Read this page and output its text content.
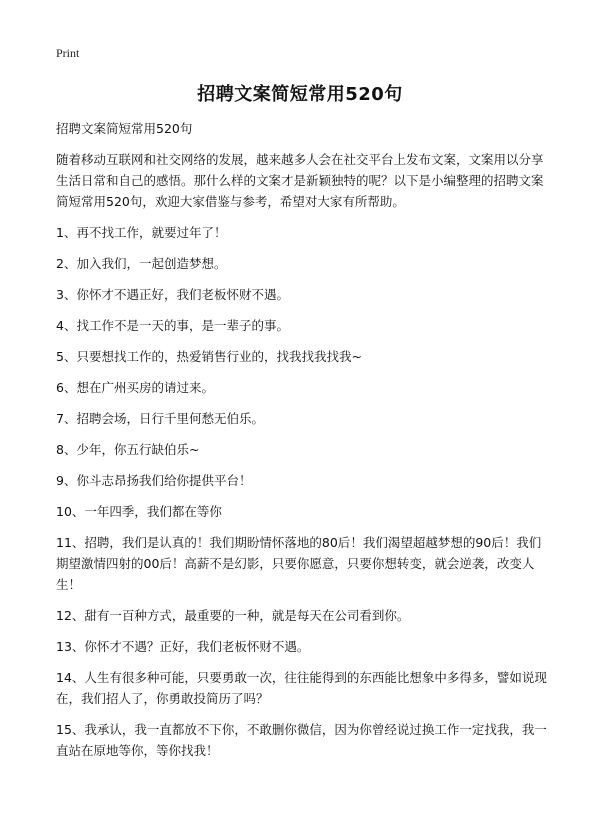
Print
招聘文案简短常用520句
招聘文案简短常用520句
随着移动互联网和社交网络的发展，越来越多人会在社交平台上发布文案，文案用以分享生活日常和自己的感悟。那什么样的文案才是新颖独特的呢？以下是小编整理的招聘文案简短常用520句，欢迎大家借鉴与参考，希望对大家有所帮助。
1、再不找工作，就要过年了！
2、加入我们，一起创造梦想。
3、你怀才不遇正好，我们老板怀财不遇。
4、找工作不是一天的事，是一辈子的事。
5、只要想找工作的，热爱销售行业的，找我找我找我~
6、想在广州买房的请过来。
7、招聘会场，日行千里何愁无伯乐。
8、少年，你五行缺伯乐~
9、你斗志昂扬我们给你提供平台！
10、一年四季，我们都在等你
11、招聘，我们是认真的！我们期盼情怀落地的80后！我们渴望超越梦想的90后！我们期望激情四射的00后！高薪不是幻影，只要你愿意，只要你想转变，就会逆袭，改变人生！
12、甜有一百种方式，最重要的一种，就是每天在公司看到你。
13、你怀才不遇？正好，我们老板怀财不遇。
14、人生有很多种可能，只要勇敢一次，往往能得到的东西能比想象中多得多，譬如说现在，我们招人了，你勇敢投简历了吗？
15、我承认，我一直都放不下你，不敢删你微信，因为你曾经说过换工作一定找我，我一直站在原地等你，等你找我！
